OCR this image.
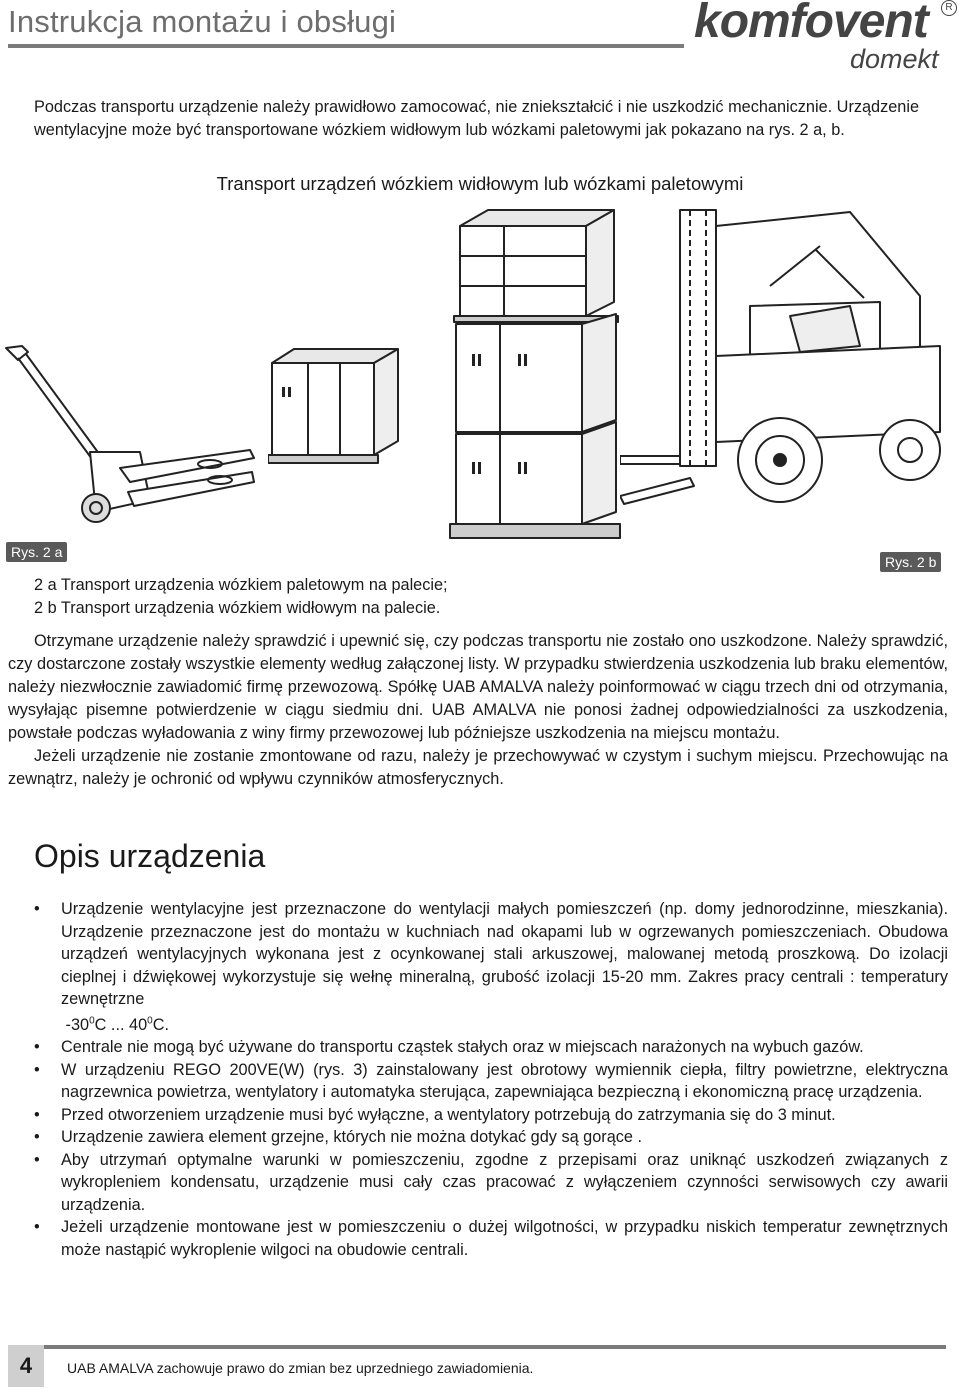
Instrukcja montażu i obsługi	komfovent
domekt
R
Podczas transportu urządzenie należy prawidłowo zamocować, nie zniekształcić i nie uszkodzić mechanicznie. Urządzenie wentylacyjne może być transportowane wózkiem widłowym lub wózkami paletowymi jak pokazano na rys. 2 a, b.
Transport urządzeń wózkiem widłowym lub wózkami paletowymi
Rys. 2 a
Rys. 2 b
2 a Transport urządzenia wózkiem paletowym na palecie;
2 b Transport urządzenia wózkiem widłowym na palecie.

Otrzymane urządzenie należy sprawdzić i upewnić się, czy podczas transportu nie zostało ono uszkodzone. Należy sprawdzić, czy dostarczone zostały wszystkie elementy według załączonej listy. W przypadku stwierdzenia uszkodzenia lub braku elementów, należy niezwłocznie zawiadomić firmę przewozową. Spółkę UAB AMALVA należy poinformować w ciągu trzech dni od otrzymania, wysyłając pisemne potwierdzenie w ciągu siedmiu dni. UAB AMALVA nie ponosi żadnej odpowiedzialności za uszkodzenia, powstałe podczas wyładowania z winy firmy przewozowej lub późniejsze uszkodzenia na miejscu montażu.

Jeżeli urządzenie nie zostanie zmontowane od razu, należy je przechowywać w czystym i suchym miejscu. Przechowując na zewnątrz, należy je ochronić od wpływu czynników atmosferycznych.

Opis urządzenia
• Urządzenie wentylacyjne jest przeznaczone do wentylacji małych pomieszczeń (np. domy jednorodzinne, mieszkania). Urządzenie przeznaczone jest do montażu w kuchniach nad okapami lub w ogrzewanych pomieszczeniach. Obudowa urządzeń wentylacyjnych wykonana jest z ocynkowanej stali arkuszowej, malowanej metodą proszkową. Do izolacji cieplnej i dźwiękowej wykorzystuje się wełnę mineralną, grubość izolacji 15-20 mm. Zakres pracy centrali : temperatury zewnętrzne
$-30^0C$ ... $40^0C$.
• Centrale nie mogą być używane do transportu cząstek stałych oraz w miejscach narażonych na wybuch gazów.
• W urządzeniu REGO 200VE(W) (rys. 3) zainstalowany jest obrotowy wymiennik ciepła, filtry powietrzne, elektryczna nagrzewnica powietrza, wentylatory i automatyka sterująca, zapewniająca bezpieczną i ekonomiczną pracę urządzenia.
• Przed otworzeniem urządzenie musi być wyłączne, a wentylatory potrzebują do zatrzymania się do 3 minut.
• Urządzenie zawiera element grzejne, których nie można dotykać gdy są gorące .
• Aby utrzymań optymalne warunki w pomieszczeniu, zgodne z przepisami oraz uniknąć uszkodzeń związanych z wykropleniem kondensatu, urządzenie musi cały czas pracować z wyłączeniem czynności serwisowych czy awarii urządzenia.
• Jeżeli urządzenie montowane jest w pomieszczeniu o dużej wilgotności, w przypadku niskich temperatur zewnętrznych może nastąpić wykroplenie wilgoci na obudowie centrali.
4	UAB AMALVA zachowuje prawo do zmian bez uprzedniego zawiadomienia.
